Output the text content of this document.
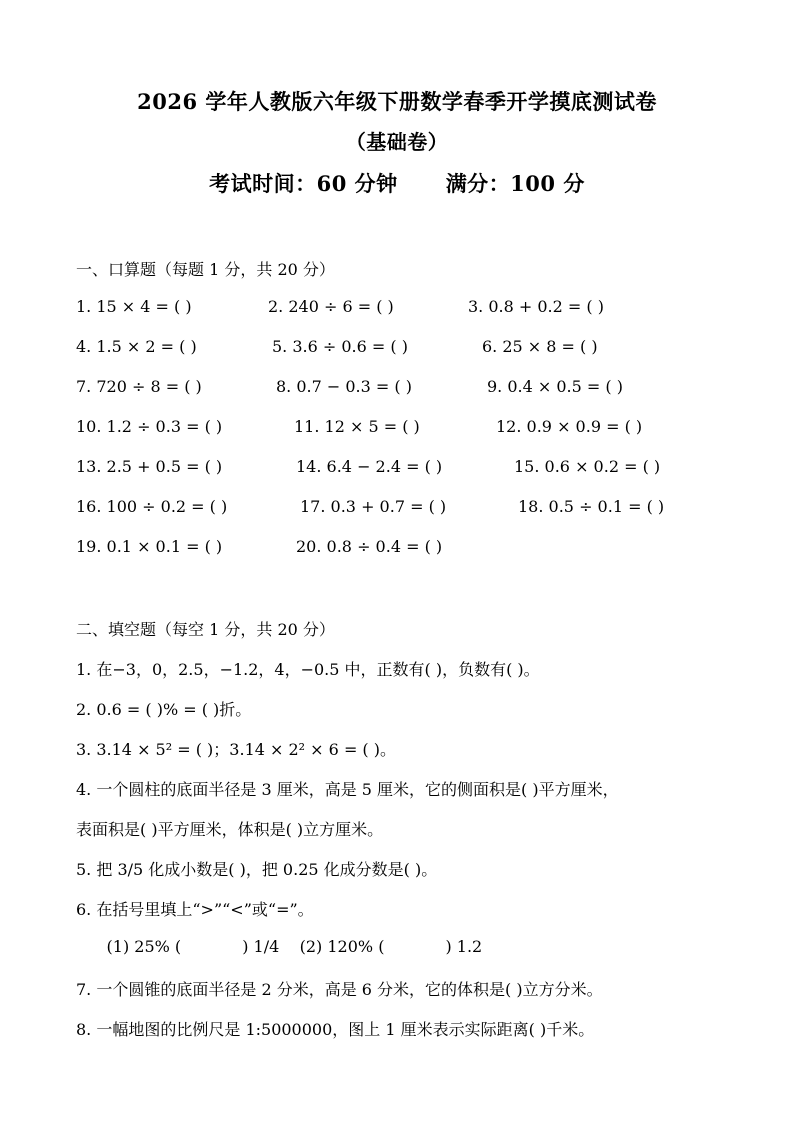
2026 学年人教版六年级下册数学春季开学摸底测试卷
（基础卷）
考试时间：60 分钟 满分：100 分
一、口算题（每题 1 分，共 20 分）
1. 15 × 4 = ( )	2. 240 ÷ 6 = ( )	3. 0.8 + 0.2 = ( )
4. 1.5 × 2 = ( )	5. 3.6 ÷ 0.6 = ( )	6. 25 × 8 = ( )
7. 720 ÷ 8 = ( )	8. 0.7 − 0.3 = ( )	9. 0.4 × 0.5 = ( )
10. 1.2 ÷ 0.3 = ( )	11. 12 × 5 = ( )	12. 0.9 × 0.9 = ( )
13. 2.5 + 0.5 = ( )	14. 6.4 − 2.4 = ( )	15. 0.6 × 0.2 = ( )
16. 100 ÷ 0.2 = ( )	17. 0.3 + 0.7 = ( )	18. 0.5 ÷ 0.1 = ( )
19. 0.1 × 0.1 = ( )	20. 0.8 ÷ 0.4 = ( )
二、填空题（每空 1 分，共 20 分）
1. 在−3，0，2.5，−1.2，4，−0.5 中，正数有( )，负数有( )。
2. 0.6 = ( )% = ( )折。
3. 3.14 × 5² = ( )；3.14 × 2² × 6 = ( )。
4. 一个圆柱的底面半径是 3 厘米，高是 5 厘米，它的侧面积是( )平方厘米，
表面积是( )平方厘米，体积是( )立方厘米。
5. 把 3/5 化成小数是( )，把 0.25 化成分数是( )。
6. 在括号里填上“>”“<”或“=”。
(1) 25% (            ) 1/4    (2) 120% (            ) 1.2
7. 一个圆锥的底面半径是 2 分米，高是 6 分米，它的体积是( )立方分米。
8. 一幅地图的比例尺是 1:5000000，图上 1 厘米表示实际距离( )千米。
